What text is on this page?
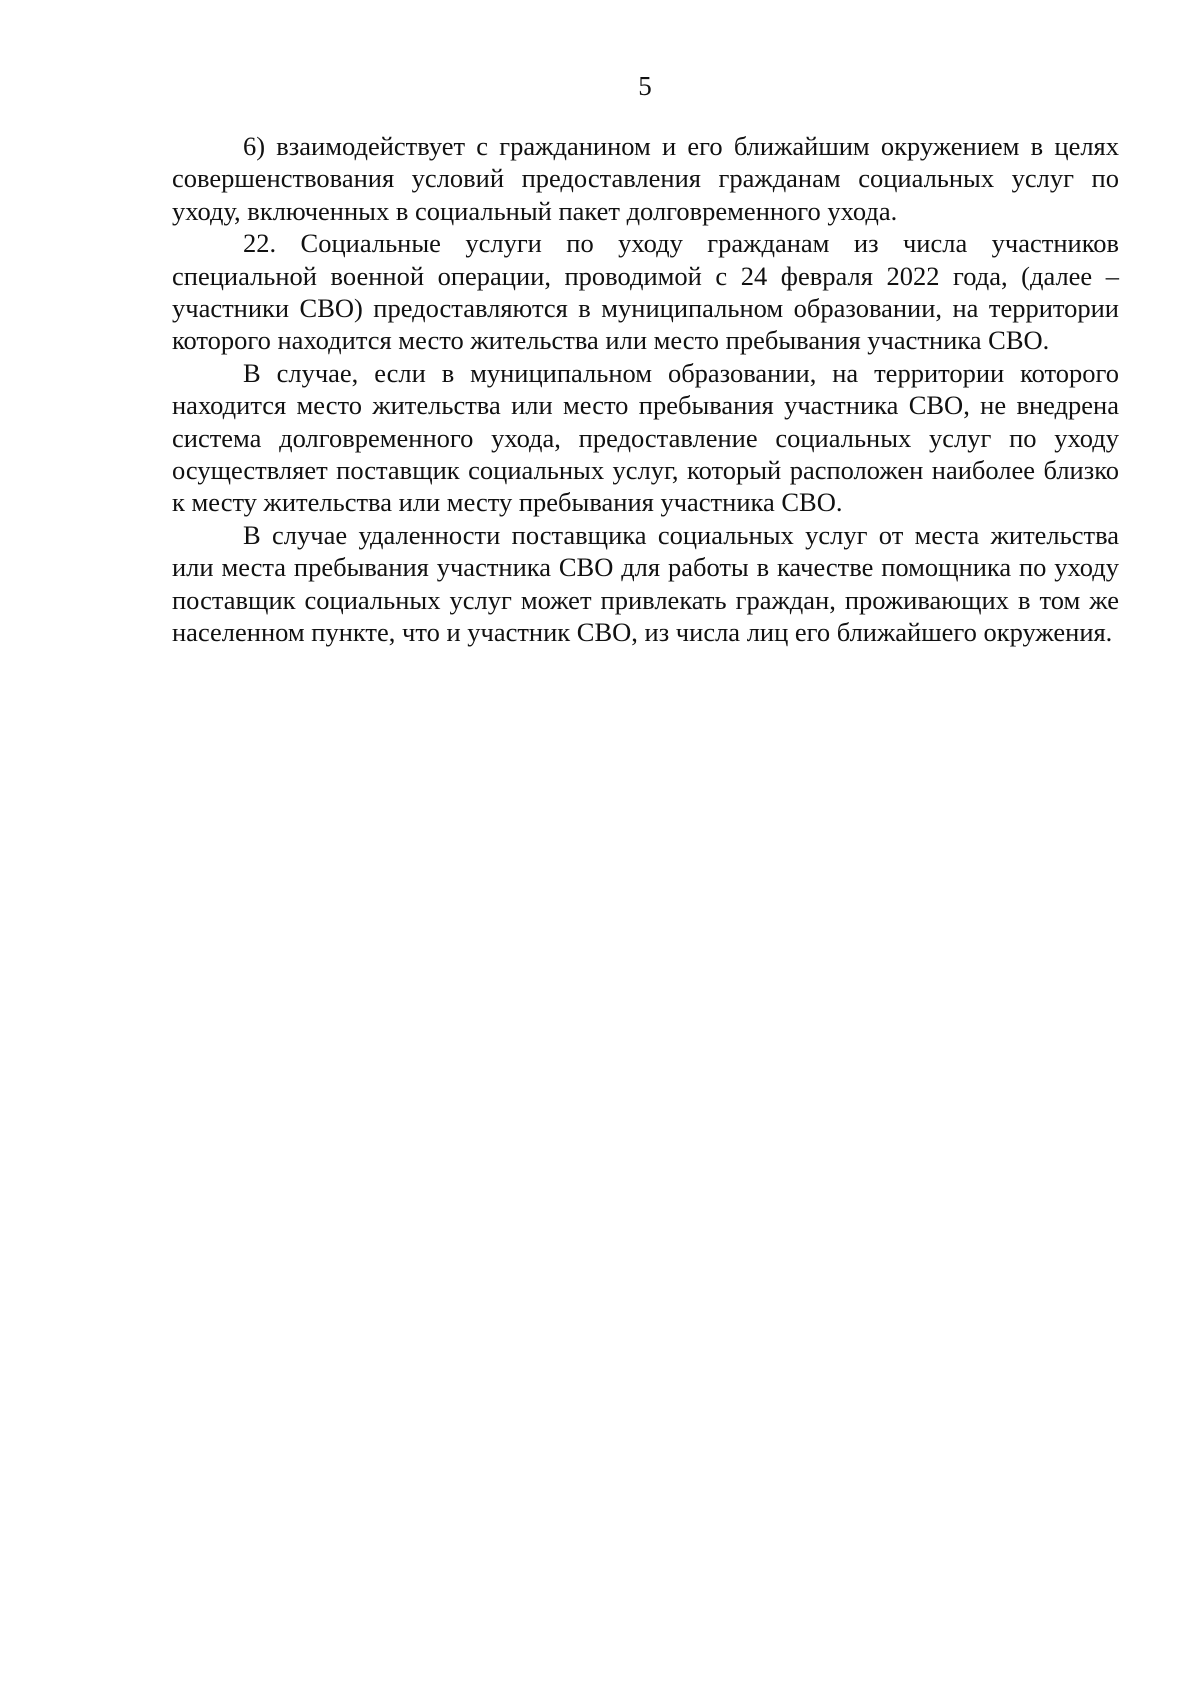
5

6) взаимодействует с гражданином и его ближайшим окружением в целях совершенствования условий предоставления гражданам социальных услуг по уходу, включенных в социальный пакет долговременного ухода.

22. Социальные услуги по уходу гражданам из числа участников специальной военной операции, проводимой с 24 февраля 2022 года, (далее – участники СВО) предоставляются в муниципальном образовании, на территории которого находится место жительства или место пребывания участника СВО.

В случае, если в муниципальном образовании, на территории которого находится место жительства или место пребывания участника СВО, не внедрена система долговременного ухода, предоставление социальных услуг по уходу осуществляет поставщик социальных услуг, который расположен наиболее близко к месту жительства или месту пребывания участника СВО.

В случае удаленности поставщика социальных услуг от места жительства или места пребывания участника СВО для работы в качестве помощника по уходу поставщик социальных услуг может привлекать граждан, проживающих в том же населенном пункте, что и участник СВО, из числа лиц его ближайшего окружения.
